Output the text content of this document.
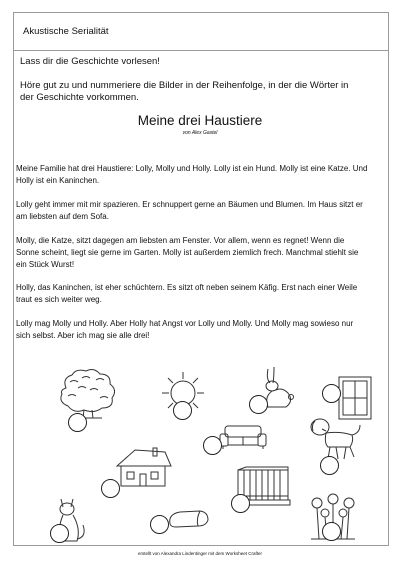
Akustische Serialität
Lass dir die Geschichte vorlesen!
Höre gut zu und nummeriere die Bilder in der Reihenfolge, in der die Wörter in der Geschichte vorkommen.
Meine drei Haustiere
von Alex Gastel
Meine Familie hat drei Haustiere: Lolly, Molly und Holly. Lolly ist ein Hund. Molly ist eine Katze. Und Holly ist ein Kaninchen.
Lolly geht immer mit mir spazieren. Er schnuppert gerne an Bäumen und Blumen. Im Haus sitzt er am liebsten auf dem Sofa.
Molly, die Katze, sitzt dagegen am liebsten am Fenster. Vor allem, wenn es regnet! Wenn die Sonne scheint, liegt sie gerne im Garten. Molly ist außerdem ziemlich frech. Manchmal stiehlt sie ein Stück Wurst!
Holly, das Kaninchen, ist eher schüchtern. Es sitzt oft neben seinem Käfig. Erst nach einer Weile traut es sich weiter weg.
Lolly mag Molly und Holly. Aber Holly hat Angst vor Lolly und Molly. Und Molly mag sowieso nur sich selbst. Aber ich mag sie alle drei!
erstellt von Alexandra Lindentinger mit dem Worksheet Crafter
